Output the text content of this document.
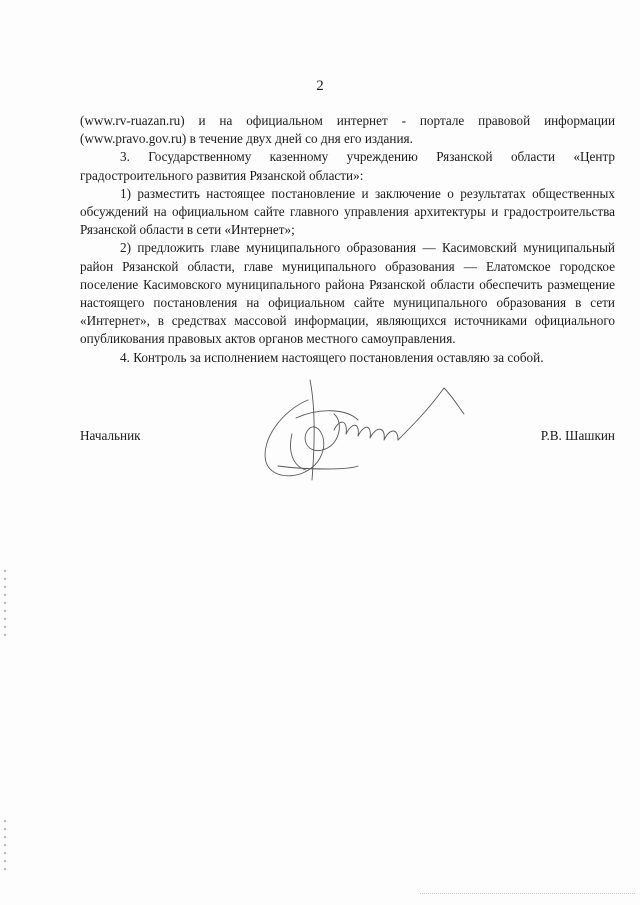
2

(www.rv-ruazan.ru) и на официальном интернет - портале правовой информации (www.pravo.gov.ru) в течение двух дней со дня его издания.

3. Государственному казенному учреждению Рязанской области «Центр градостроительного развития Рязанской области»:

1) разместить настоящее постановление и заключение о результатах общественных обсуждений на официальном сайте главного управления архитектуры и градостроительства Рязанской области в сети «Интернет»;

2) предложить главе муниципального образования — Касимовский муниципальный район Рязанской области, главе муниципального образования — Елатомское городское поселение Касимовского муниципального района Рязанской области обеспечить размещение настоящего постановления на официальном сайте муниципального образования в сети «Интернет», в средствах массовой информации, являющихся источниками официального опубликования правовых актов органов местного самоуправления.

4. Контроль за исполнением настоящего постановления оставляю за собой.

Начальник	Р.В. Шашкин
